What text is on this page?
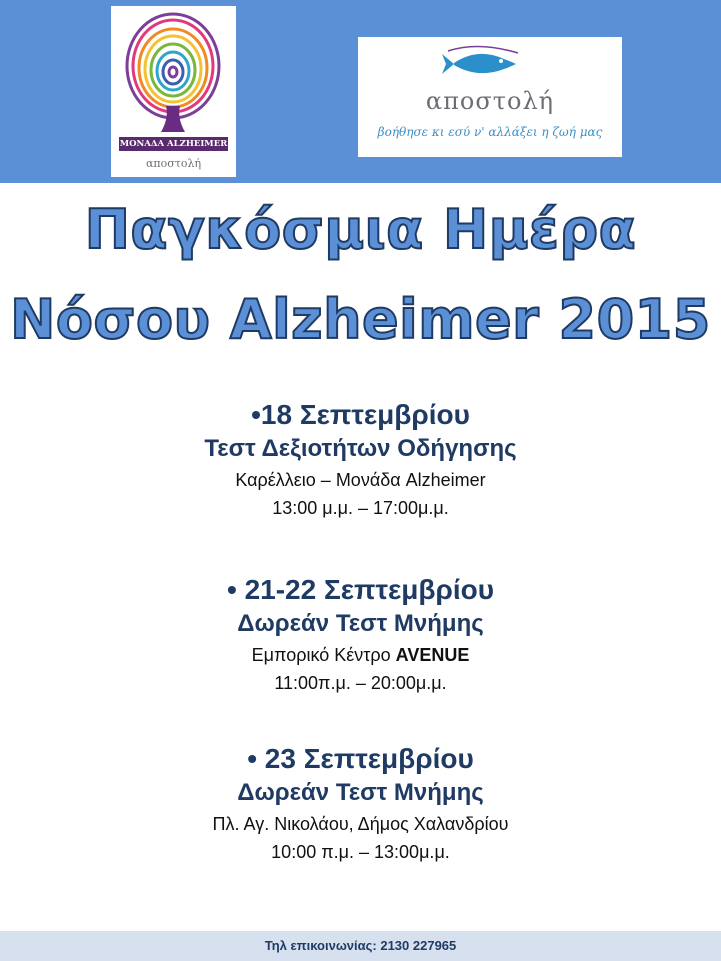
ΜΟΝΑΔΑ ALZHEIMER
αποστολή
αποστολή
βοήθησε κι εσύ ν' αλλάξει η ζωή μας
Παγκόσμια Ημέρα
Νόσου Alzheimer 2015
•18 Σεπτεμβρίου
Τεστ Δεξιοτήτων Οδήγησης
Καρέλλειο – Μονάδα Alzheimer
13:00 μ.μ. – 17:00μ.μ.
• 21-22 Σεπτεμβρίου
Δωρεάν Τεστ Μνήμης
Εμπορικό Κέντρο AVENUE
11:00π.μ. – 20:00μ.μ.
• 23 Σεπτεμβρίου
Δωρεάν Τεστ Μνήμης
Πλ. Αγ. Νικολάου, Δήμος Χαλανδρίου
10:00 π.μ. – 13:00μ.μ.
Τηλ επικοινωνίας: 2130 227965
